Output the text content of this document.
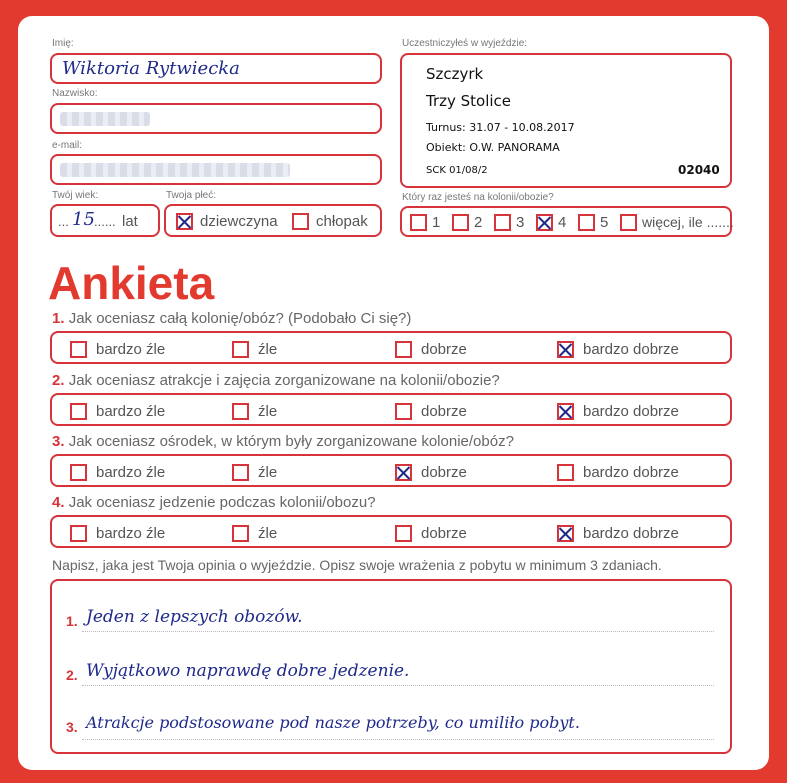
Imię:
Wiktoria Rytwiecka
Nazwisko:
e-mail:
Twój wiek:
... 15 ...... lat
Twoja płeć:
dziewczyna	chłopak
Uczestniczyłeś w wyjeździe:
Szczyrk
Trzy Stolice
Turnus: 31.07 - 10.08.2017
Obiekt: O.W. PANORAMA
SCK 01/08/2	02040
Który raz jesteś na kolonii/obozie?
1 2 3 4 5 więcej, ile .......
Ankieta
1. Jak oceniasz całą kolonię/obóz? (Podobało Ci się?)
bardzo źle	źle	dobrze	bardzo dobrze
2. Jak oceniasz atrakcje i zajęcia zorganizowane na kolonii/obozie?
bardzo źle	źle	dobrze	bardzo dobrze
3. Jak oceniasz ośrodek, w którym były zorganizowane kolonie/obóz?
bardzo źle	źle	dobrze	bardzo dobrze
4. Jak oceniasz jedzenie podczas kolonii/obozu?
bardzo źle	źle	dobrze	bardzo dobrze
Napisz, jaka jest Twoja opinia o wyjeździe. Opisz swoje wrażenia z pobytu w minimum 3 zdaniach.
1. Jeden z lepszych obozów.
2. Wyjątkowo naprawdę dobre jedzenie.
3. Atrakcje podstosowane pod nasze potrzeby, co umiliło pobyt.
